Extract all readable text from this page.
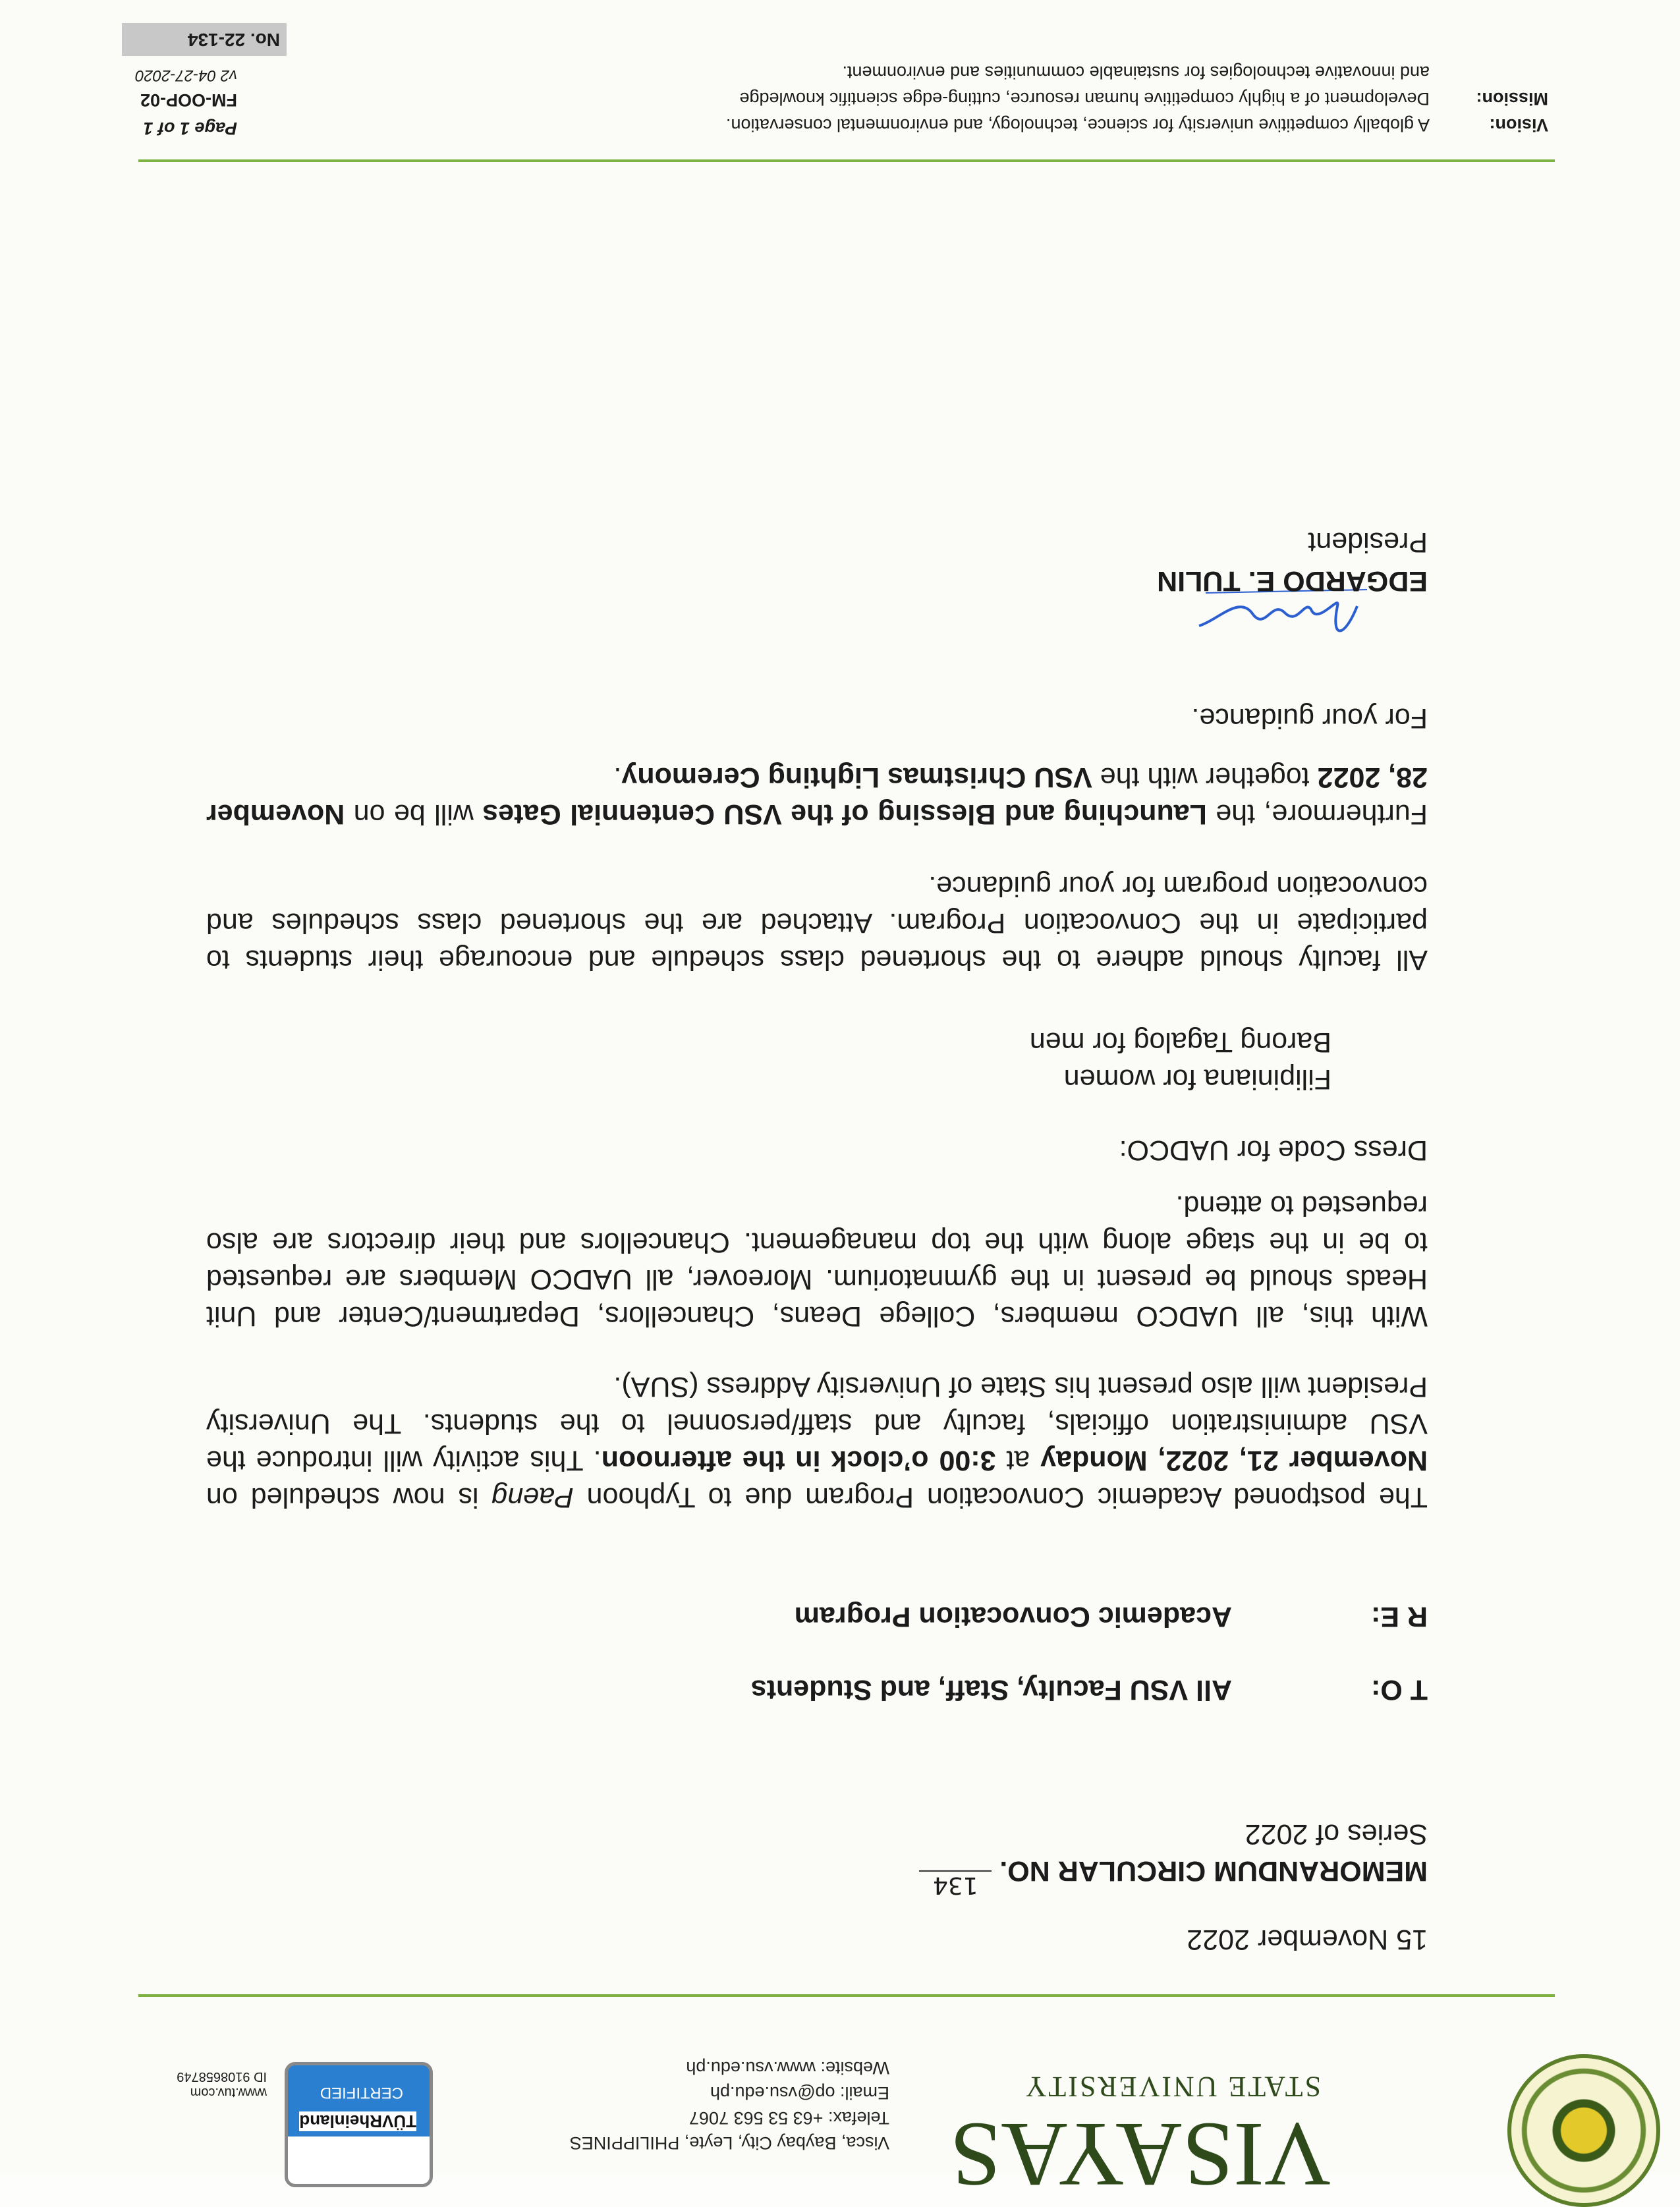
VISAYAS
STATE UNIVERSITY
Visca, Baybay City, Leyte, PHILIPPINES
Telefax: +63 53 563 7067
Email: op@vsu.edu.ph
Website: www.vsu.edu.ph
TÜVRheinland
CERTIFIED
www.tuv.com
ID 9108658749
15 November 2022
MEMORANDUM CIRCULAR NO. 134
Series of 2022
T O:
All VSU Faculty, Staff, and Students
R E:
Academic Convocation Program
The postponed Academic Convocation Program due to Typhoon Paeng is now scheduled on
November 21, 2022, Monday at 3:00 o’clock in the afternoon. This activity will introduce the
VSU administration officials, faculty and staff/personnel to the students. The University
President will also present his State of University Address (SUA).
With this, all UADCO members, College Deans, Chancellors, Department/Center and Unit
Heads should be present in the gymnatorium. Moreover, all UADCO Members are requested
to be in the stage along with the top management. Chancellors and their directors are also
requested to attend.
All faculty should adhere to the shortened class schedule and encourage their students to
participate in the Convocation Program. Attached are the shortened class schedules and
convocation program for your guidance.
Furthermore, the Launching and Blessing of the VSU Centennial Gates will be on November
28, 2022 together with the VSU Christmas Lighting Ceremony.
Dress Code for UADCO:
Filipiniana for women
Barong Tagalog for men
For your guidance.
EDGARDO E. TULIN
President
Vision:
A globally competitive university for science, technology, and environmental conservation.
Mission:
Development of a highly competitive human resource, cutting-edge scientific knowledge
and innovative technologies for sustainable communities and environment.
Page 1 of 1
FM-OOP-02
v2 04-27-2020
No. 22-134
